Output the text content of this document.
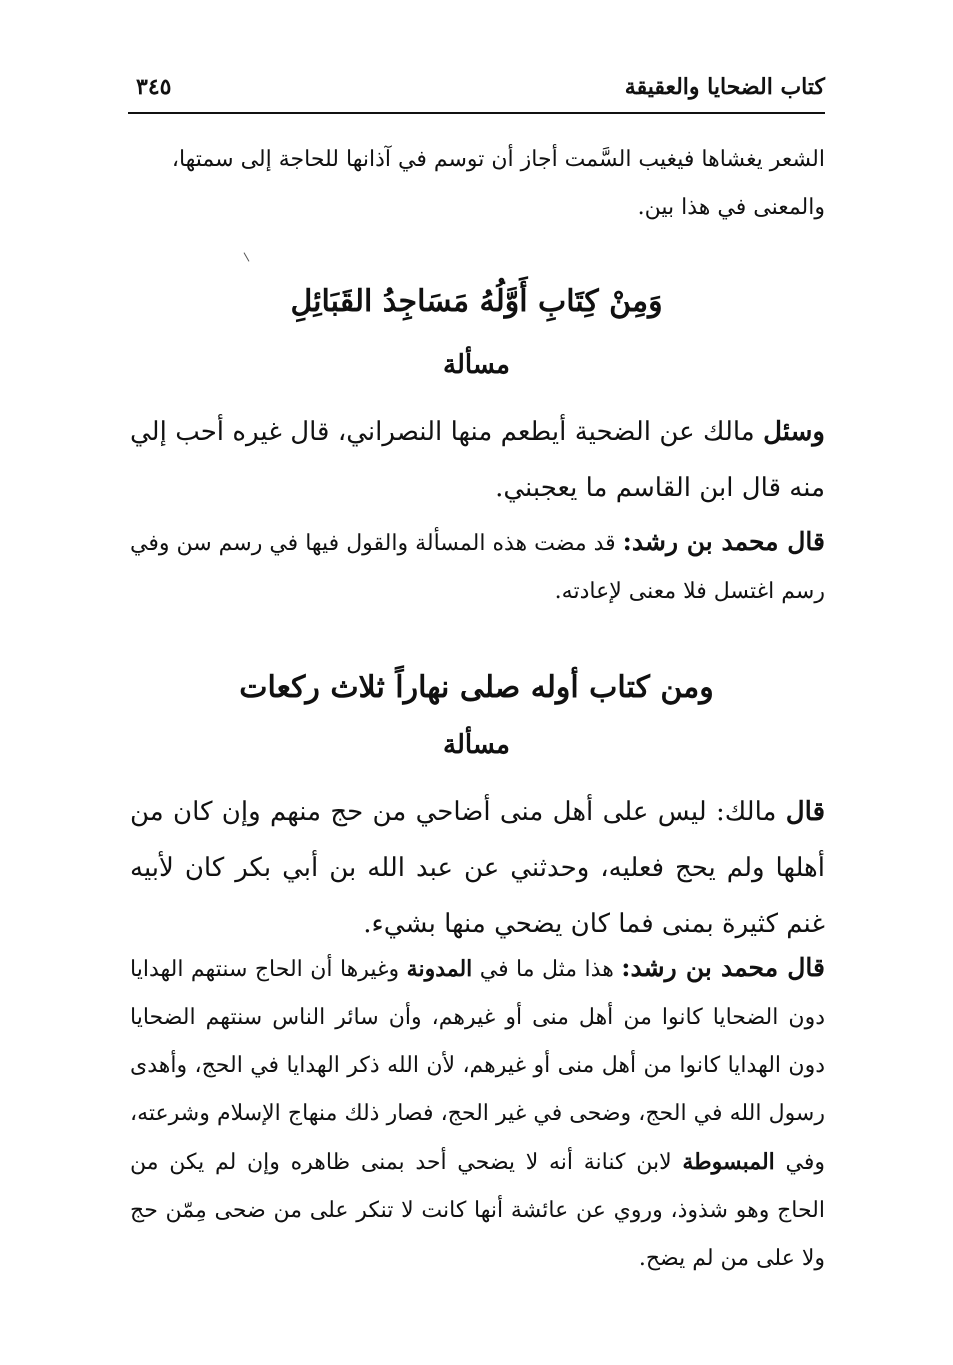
كتاب الضحايا والعقيقة
٣٤٥
الشعر يغشاها فيغيب السَّمت أجاز أن توسم في آذانها للحاجة إلى سمتها،
والمعنى في هذا بين.
وَمِنْ كِتَابِ أَوَّلُهُ مَسَاجِدُ القَبَائِلِ
مسألة
وسئل مالك عن الضحية أيطعم منها النصراني، قال غيره أحب إلي منه قال ابن القاسم ما يعجبني.
قال محمد بن رشد: قد مضت هذه المسألة والقول فيها في رسم سن وفي رسم اغتسل فلا معنى لإعادته.
ومن كتاب أوله صلى نهاراً ثلاث ركعات
مسألة
قال مالك: ليس على أهل منى أضاحي من حج منهم وإن كان من أهلها ولم يحج فعليه، وحدثني عن عبد الله بن أبي بكر كان لأبيه غنم كثيرة بمنى فما كان يضحي منها بشيء.
قال محمد بن رشد: هذا مثل ما في المدونة وغيرها أن الحاج سنتهم الهدايا دون الضحايا كانوا من أهل منى أو غيرهم، وأن سائر الناس سنتهم الضحايا دون الهدايا كانوا من أهل منى أو غيرهم، لأن الله ذكر الهدايا في الحج، وأهدى رسول الله في الحج، وضحى في غير الحج، فصار ذلك منهاج الإسلام وشرعته، وفي المبسوطة لابن كنانة أنه لا يضحي أحد بمنى ظاهره وإن لم يكن من الحاج وهو شذوذ، وروي عن عائشة أنها كانت لا تنكر على من ضحى مِمّن حج ولا على من لم يضح.
